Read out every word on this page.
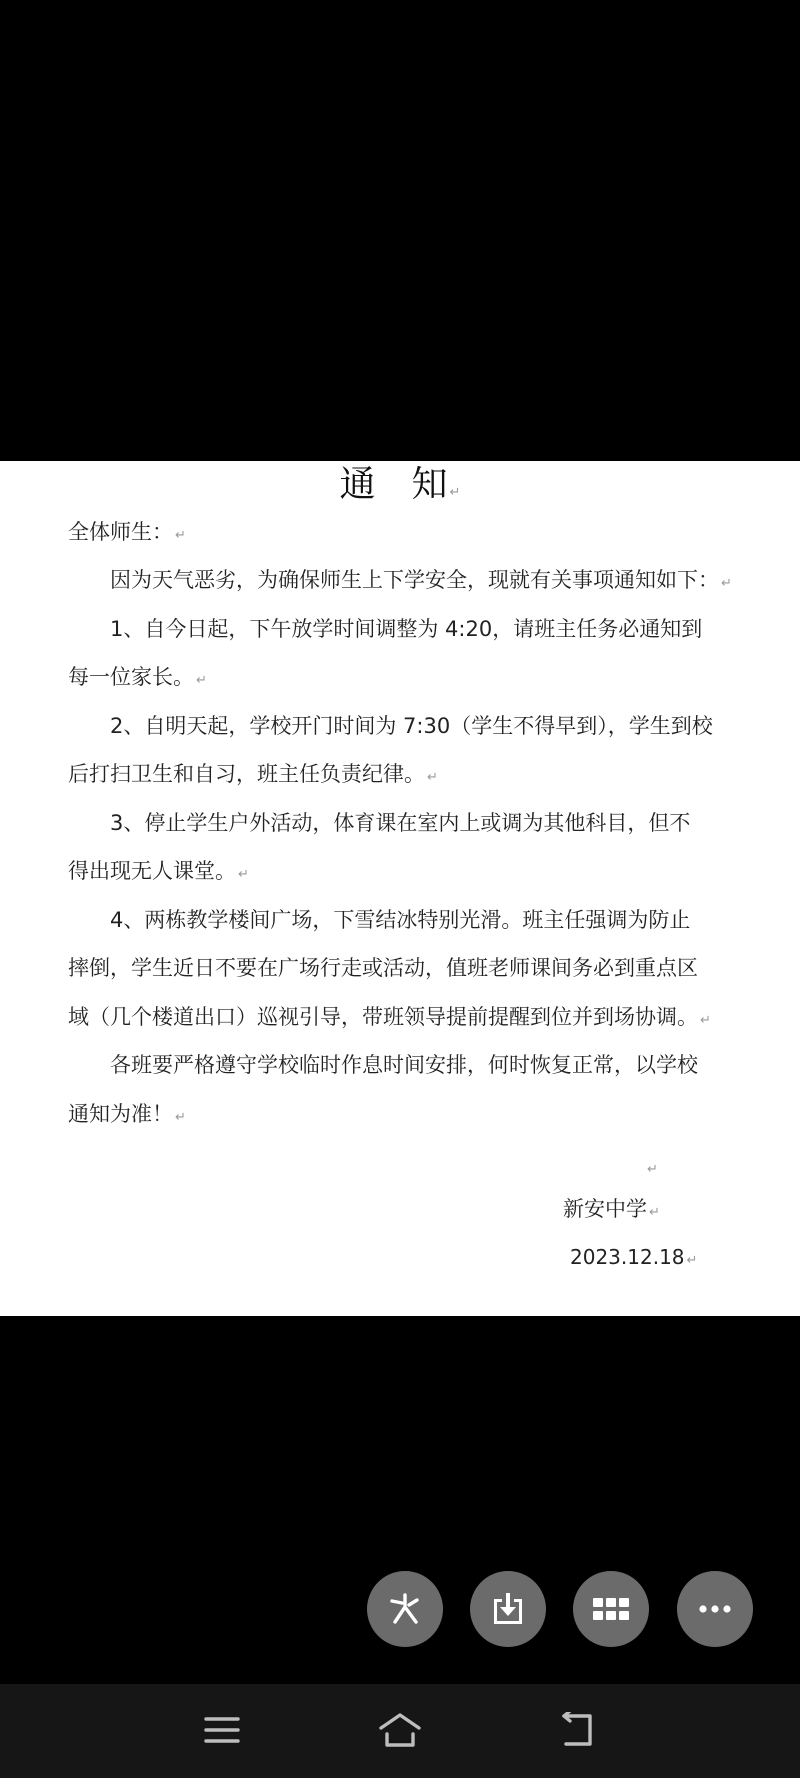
通　知 ↵
全体师生： ↵
因为天气恶劣，为确保师生上下学安全，现就有关事项通知如下： ↵
1、自今日起，下午放学时间调整为 4:20，请班主任务必通知到
每一位家长。 ↵
2、自明天起，学校开门时间为 7:30（学生不得早到），学生到校
后打扫卫生和自习，班主任负责纪律。 ↵
3、停止学生户外活动，体育课在室内上或调为其他科目，但不
得出现无人课堂。 ↵
4、两栋教学楼间广场，下雪结冰特别光滑。班主任强调为防止
摔倒，学生近日不要在广场行走或活动，值班老师课间务必到重点区
域（几个楼道出口）巡视引导，带班领导提前提醒到位并到场协调。 ↵
各班要严格遵守学校临时作息时间安排，何时恢复正常，以学校
通知为准！ ↵
↵
新安中学 ↵
2023.12.18 ↵
